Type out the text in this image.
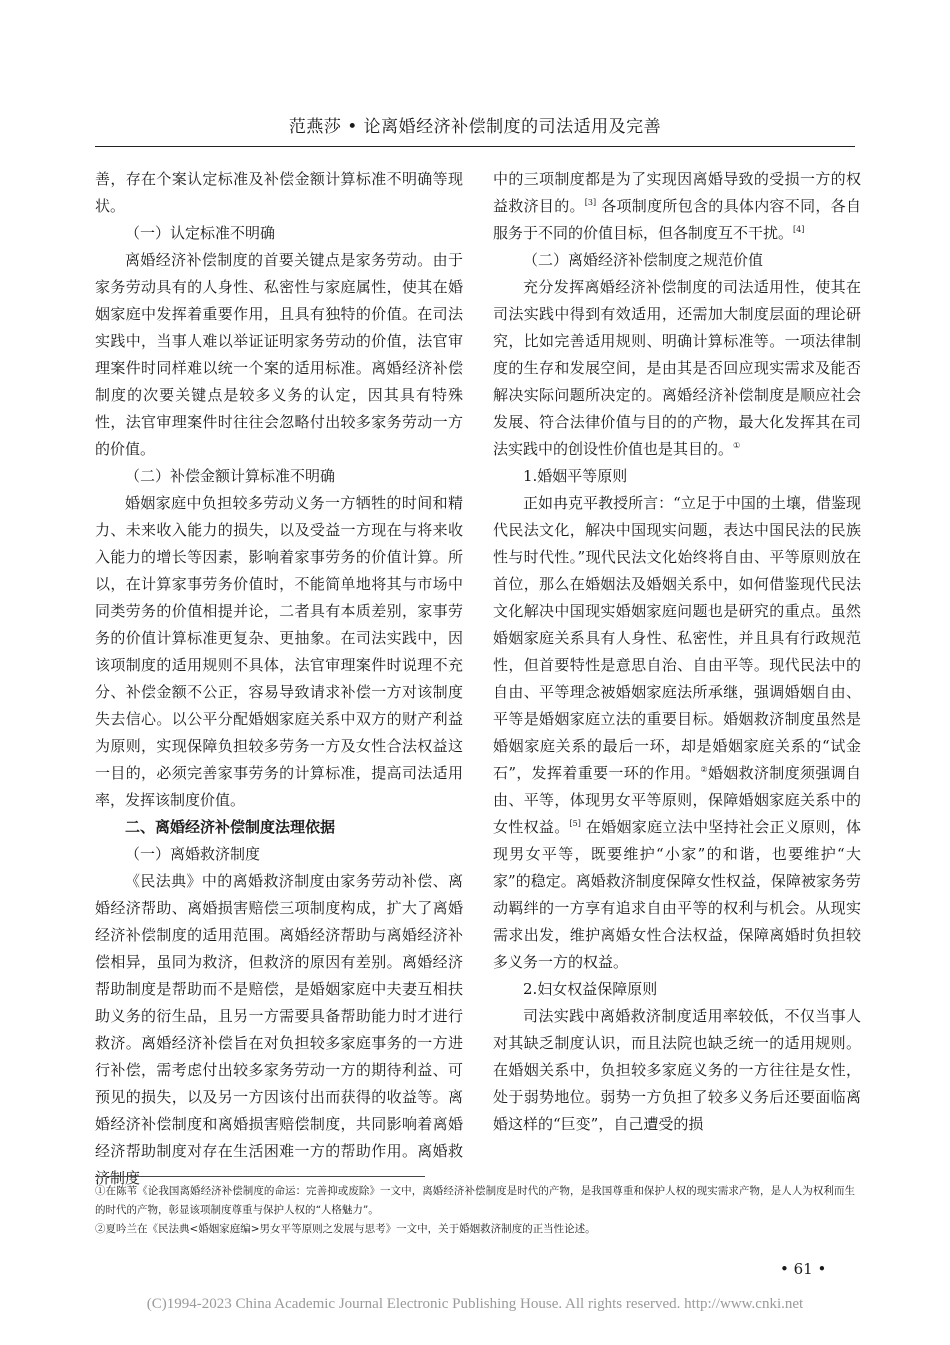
范燕莎 • 论离婚经济补偿制度的司法适用及完善

善，存在个案认定标准及补偿金额计算标准不明确等现状。

（一）认定标准不明确

离婚经济补偿制度的首要关键点是家务劳动。由于家务劳动具有的人身性、私密性与家庭属性，使其在婚姻家庭中发挥着重要作用，且具有独特的价值。在司法实践中，当事人难以举证证明家务劳动的价值，法官审理案件时同样难以统一个案的适用标准。离婚经济补偿制度的次要关键点是较多义务的认定，因其具有特殊性，法官审理案件时往往会忽略付出较多家务劳动一方的价值。

（二）补偿金额计算标准不明确

婚姻家庭中负担较多劳动义务一方牺牲的时间和精力、未来收入能力的损失，以及受益一方现在与将来收入能力的增长等因素，影响着家事劳务的价值计算。所以，在计算家事劳务价值时，不能简单地将其与市场中同类劳务的价值相提并论，二者具有本质差别，家事劳务的价值计算标准更复杂、更抽象。在司法实践中，因该项制度的适用规则不具体，法官审理案件时说理不充分、补偿金额不公正，容易导致请求补偿一方对该制度失去信心。以公平分配婚姻家庭关系中双方的财产利益为原则，实现保障负担较多劳务一方及女性合法权益这一目的，必须完善家事劳务的计算标准，提高司法适用率，发挥该制度价值。

二、离婚经济补偿制度法理依据

（一）离婚救济制度

《民法典》中的离婚救济制度由家务劳动补偿、离婚经济帮助、离婚损害赔偿三项制度构成，扩大了离婚经济补偿制度的适用范围。离婚经济帮助与离婚经济补偿相异，虽同为救济，但救济的原因有差别。离婚经济帮助制度是帮助而不是赔偿，是婚姻家庭中夫妻互相扶助义务的衍生品，且另一方需要具备帮助能力时才进行救济。离婚经济补偿旨在对负担较多家庭事务的一方进行补偿，需考虑付出较多家务劳动一方的期待利益、可预见的损失，以及另一方因该付出而获得的收益等。离婚经济补偿制度和离婚损害赔偿制度，共同影响着离婚经济帮助制度对存在生活困难一方的帮助作用。离婚救济制度

中的三项制度都是为了实现因离婚导致的受损一方的权益救济目的。[3] 各项制度所包含的具体内容不同，各自服务于不同的价值目标，但各制度互不干扰。[4]

（二）离婚经济补偿制度之规范价值

充分发挥离婚经济补偿制度的司法适用性，使其在司法实践中得到有效适用，还需加大制度层面的理论研究，比如完善适用规则、明确计算标准等。一项法律制度的生存和发展空间，是由其是否回应现实需求及能否解决实际问题所决定的。离婚经济补偿制度是顺应社会发展、符合法律价值与目的的产物，最大化发挥其在司法实践中的创设性价值也是其目的。①

1.婚姻平等原则

正如冉克平教授所言：“立足于中国的土壤，借鉴现代民法文化，解决中国现实问题，表达中国民法的民族性与时代性。”现代民法文化始终将自由、平等原则放在首位，那么在婚姻法及婚姻关系中，如何借鉴现代民法文化解决中国现实婚姻家庭问题也是研究的重点。虽然婚姻家庭关系具有人身性、私密性，并且具有行政规范性，但首要特性是意思自治、自由平等。现代民法中的自由、平等理念被婚姻家庭法所承继，强调婚姻自由、平等是婚姻家庭立法的重要目标。婚姻救济制度虽然是婚姻家庭关系的最后一环，却是婚姻家庭关系的“试金石”，发挥着重要一环的作用。②婚姻救济制度须强调自由、平等，体现男女平等原则，保障婚姻家庭关系中的女性权益。[5] 在婚姻家庭立法中坚持社会正义原则，体现男女平等，既要维护“小家”的和谐，也要维护“大家”的稳定。离婚救济制度保障女性权益，保障被家务劳动羁绊的一方享有追求自由平等的权利与机会。从现实需求出发，维护离婚女性合法权益，保障离婚时负担较多义务一方的权益。

2.妇女权益保障原则

司法实践中离婚救济制度适用率较低，不仅当事人对其缺乏制度认识，而且法院也缺乏统一的适用规则。在婚姻关系中，负担较多家庭义务的一方往往是女性，处于弱势地位。弱势一方负担了较多义务后还要面临离婚这样的“巨变”，自己遭受的损

①在陈苇《论我国离婚经济补偿制度的命运：完善抑或废除》一文中，离婚经济补偿制度是时代的产物，是我国尊重和保护人权的现实需求产物，是人人为权利而生的时代的产物，彰显该项制度尊重与保护人权的“人格魅力”。

②夏吟兰在《民法典<婚姻家庭编>男女平等原则之发展与思考》一文中，关于婚姻救济制度的正当性论述。

• 61 •
(C)1994-2023 China Academic Journal Electronic Publishing House. All rights reserved. http://www.cnki.net
